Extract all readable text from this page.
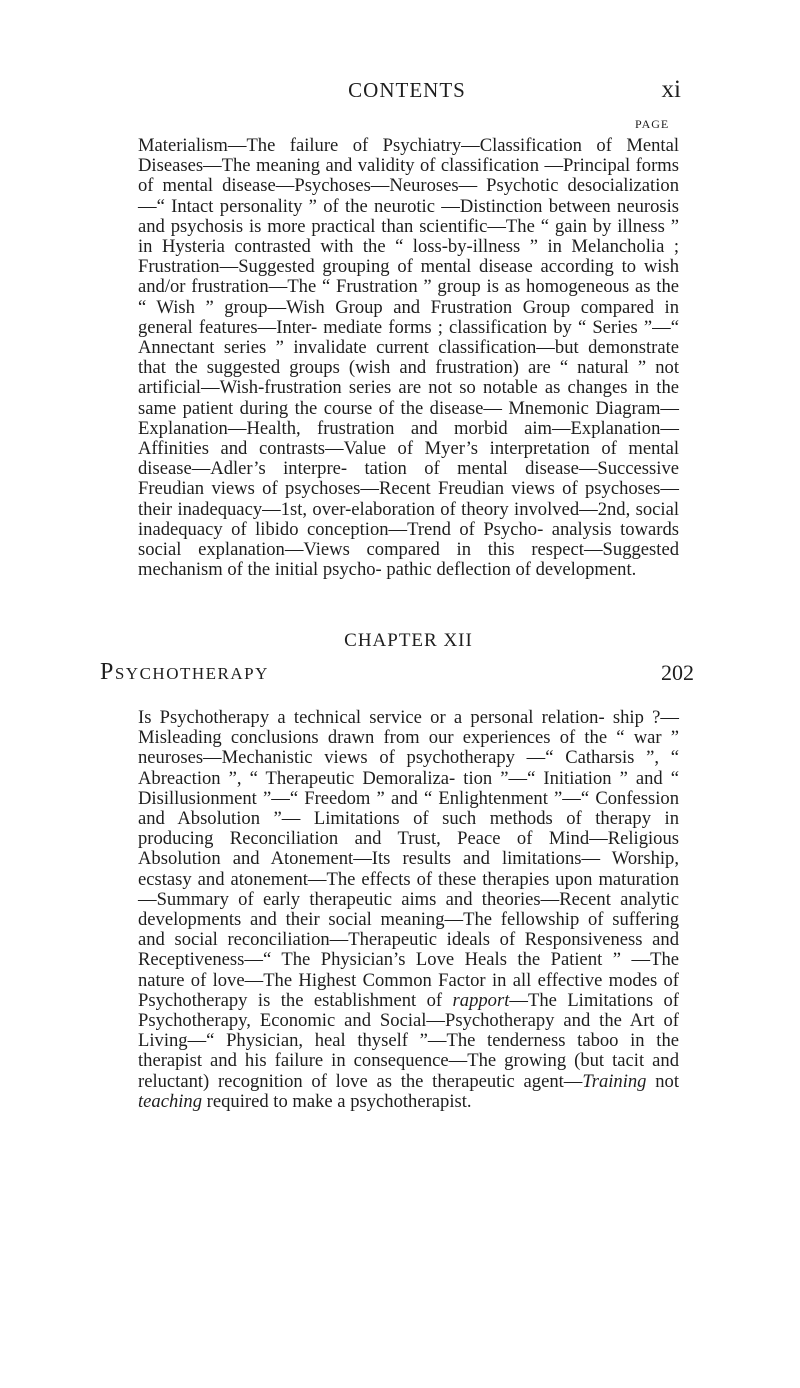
CONTENTS	xi
PAGE

Materialism—The failure of Psychiatry—Classification of Mental Diseases—The meaning and validity of classification —Principal forms of mental disease—Psychoses—Neuroses— Psychotic desocialization—“ Intact personality ” of the neurotic —Distinction between neurosis and psychosis is more practical than scientific—The “ gain by illness ” in Hysteria contrasted with the “ loss-by-illness ” in Melancholia ; Frustration—Suggested grouping of mental disease according to wish and/or frustration—The “ Frustration ” group is as homogeneous as the “ Wish ” group—Wish Group and Frustration Group compared in general features—Inter- mediate forms ; classification by “ Series ”—“ Annectant series ” invalidate current classification—but demonstrate that the suggested groups (wish and frustration) are “ natural ” not artificial—Wish-frustration series are not so notable as changes in the same patient during the course of the disease— Mnemonic Diagram—Explanation—Health, frustration and morbid aim—Explanation—Affinities and contrasts—Value of Myer’s interpretation of mental disease—Adler’s interpre- tation of mental disease—Successive Freudian views of psychoses—Recent Freudian views of psychoses—their inadequacy—1st, over-elaboration of theory involved—2nd, social inadequacy of libido conception—Trend of Psycho- analysis towards social explanation—Views compared in this respect—Suggested mechanism of the initial psycho- pathic deflection of development.

CHAPTER XII
Psychotherapy	202

Is Psychotherapy a technical service or a personal relation- ship ?—Misleading conclusions drawn from our experiences of the “ war ” neuroses—Mechanistic views of psychotherapy —“ Catharsis ”, “ Abreaction ”, “ Therapeutic Demoraliza- tion ”—“ Initiation ” and “ Disillusionment ”—“ Freedom ” and “ Enlightenment ”—“ Confession and Absolution ”— Limitations of such methods of therapy in producing Reconciliation and Trust, Peace of Mind—Religious Absolution and Atonement—Its results and limitations— Worship, ecstasy and atonement—The effects of these therapies upon maturation—Summary of early therapeutic aims and theories—Recent analytic developments and their social meaning—The fellowship of suffering and social reconciliation—Therapeutic ideals of Responsiveness and Receptiveness—“ The Physician’s Love Heals the Patient ” —The nature of love—The Highest Common Factor in all effective modes of Psychotherapy is the establishment of rapport—The Limitations of Psychotherapy, Economic and Social—Psychotherapy and the Art of Living—“ Physician, heal thyself ”—The tenderness taboo in the therapist and his failure in consequence—The growing (but tacit and reluctant) recognition of love as the therapeutic agent—Training not teaching required to make a psychotherapist.
